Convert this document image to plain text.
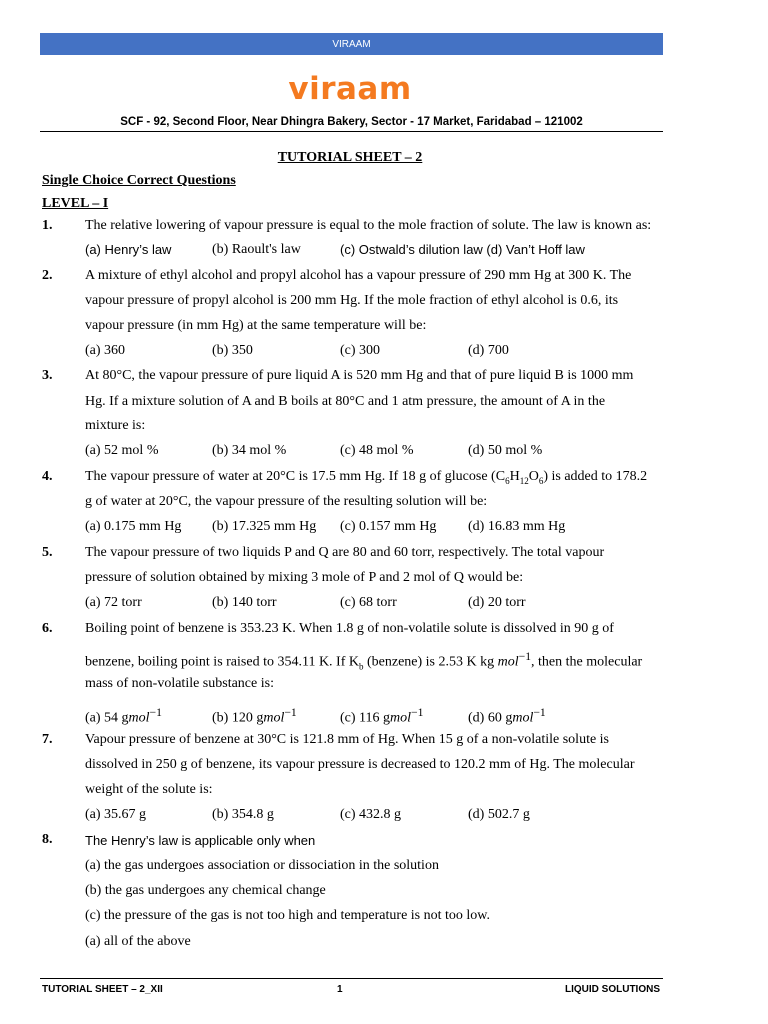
VIRAAM
viraam
SCF - 92, Second Floor, Near Dhingra Bakery, Sector - 17 Market, Faridabad – 121002
TUTORIAL SHEET – 2
Single Choice Correct Questions
LEVEL – I
1. The relative lowering of vapour pressure is equal to the mole fraction of solute. The law is known as:
(a) Henry’s law	(b) Raoult's law	(c) Ostwald’s dilution law (d) Van’t Hoff law
2. A mixture of ethyl alcohol and propyl alcohol has a vapour pressure of 290 mm Hg at 300 K. The
vapour pressure of propyl alcohol is 200 mm Hg. If the mole fraction of ethyl alcohol is 0.6, its
vapour pressure (in mm Hg) at the same temperature will be:
(a) 360	(b) 350	(c) 300	(d) 700
3. At 80°C, the vapour pressure of pure liquid A is 520 mm Hg and that of pure liquid B is 1000 mm
Hg. If a mixture solution of A and B boils at 80°C and 1 atm pressure, the amount of A in the
mixture is:
(a) 52 mol %	(b) 34 mol %	(c) 48 mol %	(d) 50 mol %
4. The vapour pressure of water at 20°C is 17.5 mm Hg. If 18 g of glucose $(C_6H_{12}O_6)$ is added to 178.2
g of water at 20°C, the vapour pressure of the resulting solution will be:
(a) 0.175 mm Hg (b) 17.325 mm Hg (c) 0.157 mm Hg (d) 16.83 mm Hg
5. The vapour pressure of two liquids P and Q are 80 and 60 torr, respectively. The total vapour
pressure of solution obtained by mixing 3 mole of P and 2 mol of Q would be:
(a) 72 torr	(b) 140 torr	(c) 68 torr	(d) 20 torr
6. Boiling point of benzene is 353.23 K. When 1.8 g of non-volatile solute is dissolved in 90 g of
benzene, boiling point is raised to 354.11 K. If $K_b$ (benzene) is 2.53 K kg mol$^{-1}$, then the molecular
mass of non-volatile substance is:
(a) 54 gmol$^{-1}$	(b) 120 gmol$^{-1}$	(c) 116 gmol$^{-1}$	(d) 60 gmol$^{-1}$
7. Vapour pressure of benzene at 30°C is 121.8 mm of Hg. When 15 g of a non-volatile solute is
dissolved in 250 g of benzene, its vapour pressure is decreased to 120.2 mm of Hg. The molecular
weight of the solute is:
(a) 35.67 g	(b) 354.8 g	(c) 432.8 g	(d) 502.7 g
8.	The Henry’s law is applicable only when
(a) the gas undergoes association or dissociation in the solution
(b) the gas undergoes any chemical change
(c) the pressure of the gas is not too high and temperature is not too low.
(a) all of the above
TUTORIAL SHEET – 2_XII	1	LIQUID SOLUTIONS
